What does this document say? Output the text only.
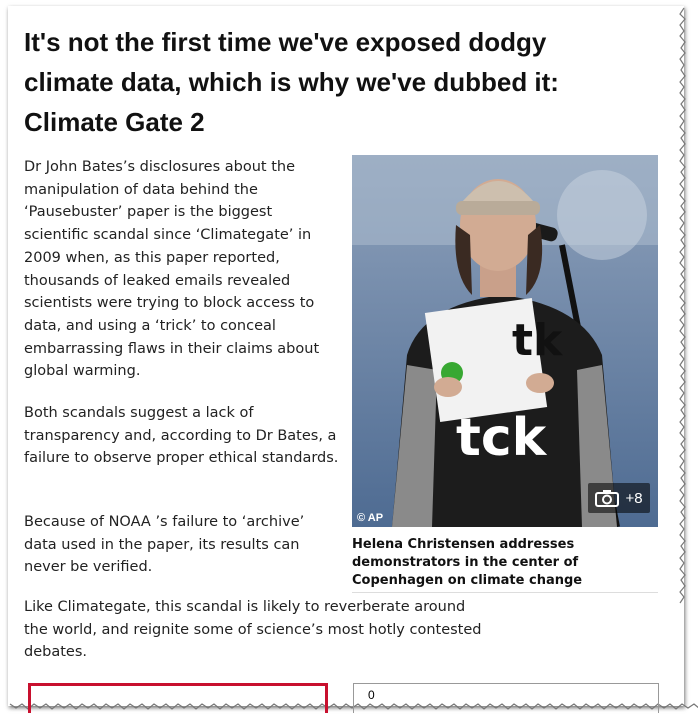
It's not the first time we've exposed dodgy climate data, which is why we've dubbed it: Climate Gate 2

Dr John Bates’s disclosures about the manipulation of data behind the ‘Pausebuster’ paper is the biggest scientific scandal since ‘Climategate’ in 2009 when, as this paper reported, thousands of leaked emails revealed scientists were trying to block access to data, and using a ‘trick’ to conceal embarrassing flaws in their claims about global warming.

Both scandals suggest a lack of transparency and, according to Dr Bates, a failure to observe proper ethical standards.

Because of NOAA ’s failure to ‘archive’ data used in the paper, its results can never be verified.

Like Climategate, this scandal is likely to reverberate around the world, and reignite some of science’s most hotly contested debates.

tk
tck
© AP
+8

Helena Christensen addresses demonstrators in the center of Copenhagen on climate change

0
